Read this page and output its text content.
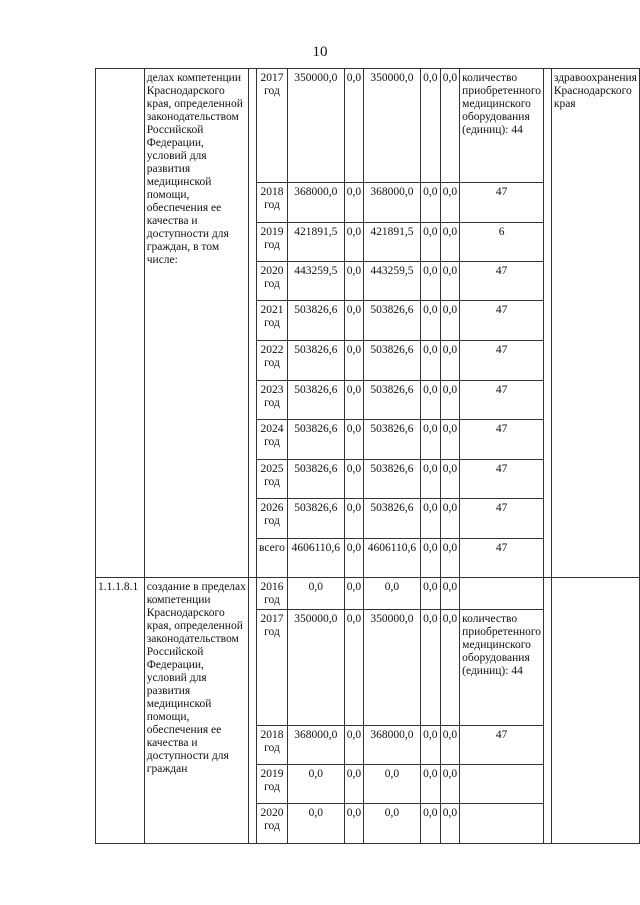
10
	делах компетенции Краснодарского края, определенной законодательством Российской Федерации, условий для развития медицинской помощи, обеспечения ее качества и доступности для граждан, в том числе:		2017 год	350000,0	0,0	350000,0	0,0	0,0	количество приобретенного медицинского оборудования (единиц): 44		здравоохранения Краснодарского края
			2018 год	368000,0	0,0	368000,0	0,0	0,0	47		
			2019 год	421891,5	0,0	421891,5	0,0	0,0	6		
			2020 год	443259,5	0,0	443259,5	0,0	0,0	47		
			2021 год	503826,6	0,0	503826,6	0,0	0,0	47		
			2022 год	503826,6	0,0	503826,6	0,0	0,0	47		
			2023 год	503826,6	0,0	503826,6	0,0	0,0	47		
			2024 год	503826,6	0,0	503826,6	0,0	0,0	47		
			2025 год	503826,6	0,0	503826,6	0,0	0,0	47		
			2026 год	503826,6	0,0	503826,6	0,0	0,0	47		
			всего	4606110,6	0,0	4606110,6	0,0	0,0	47		
1.1.1.8.1	создание в пределах компетенции Краснодарского края, определенной законодательством Российской Федерации, условий для развития медицинской помощи, обеспечения ее качества и доступности для граждан		2016 год	0,0	0,0	0,0	0,0	0,0			
			2017 год	350000,0	0,0	350000,0	0,0	0,0	количество приобретенного медицинского оборудования (единиц): 44		
			2018 год	368000,0	0,0	368000,0	0,0	0,0	47		
			2019 год	0,0	0,0	0,0	0,0	0,0			
			2020 год	0,0	0,0	0,0	0,0	0,0			
